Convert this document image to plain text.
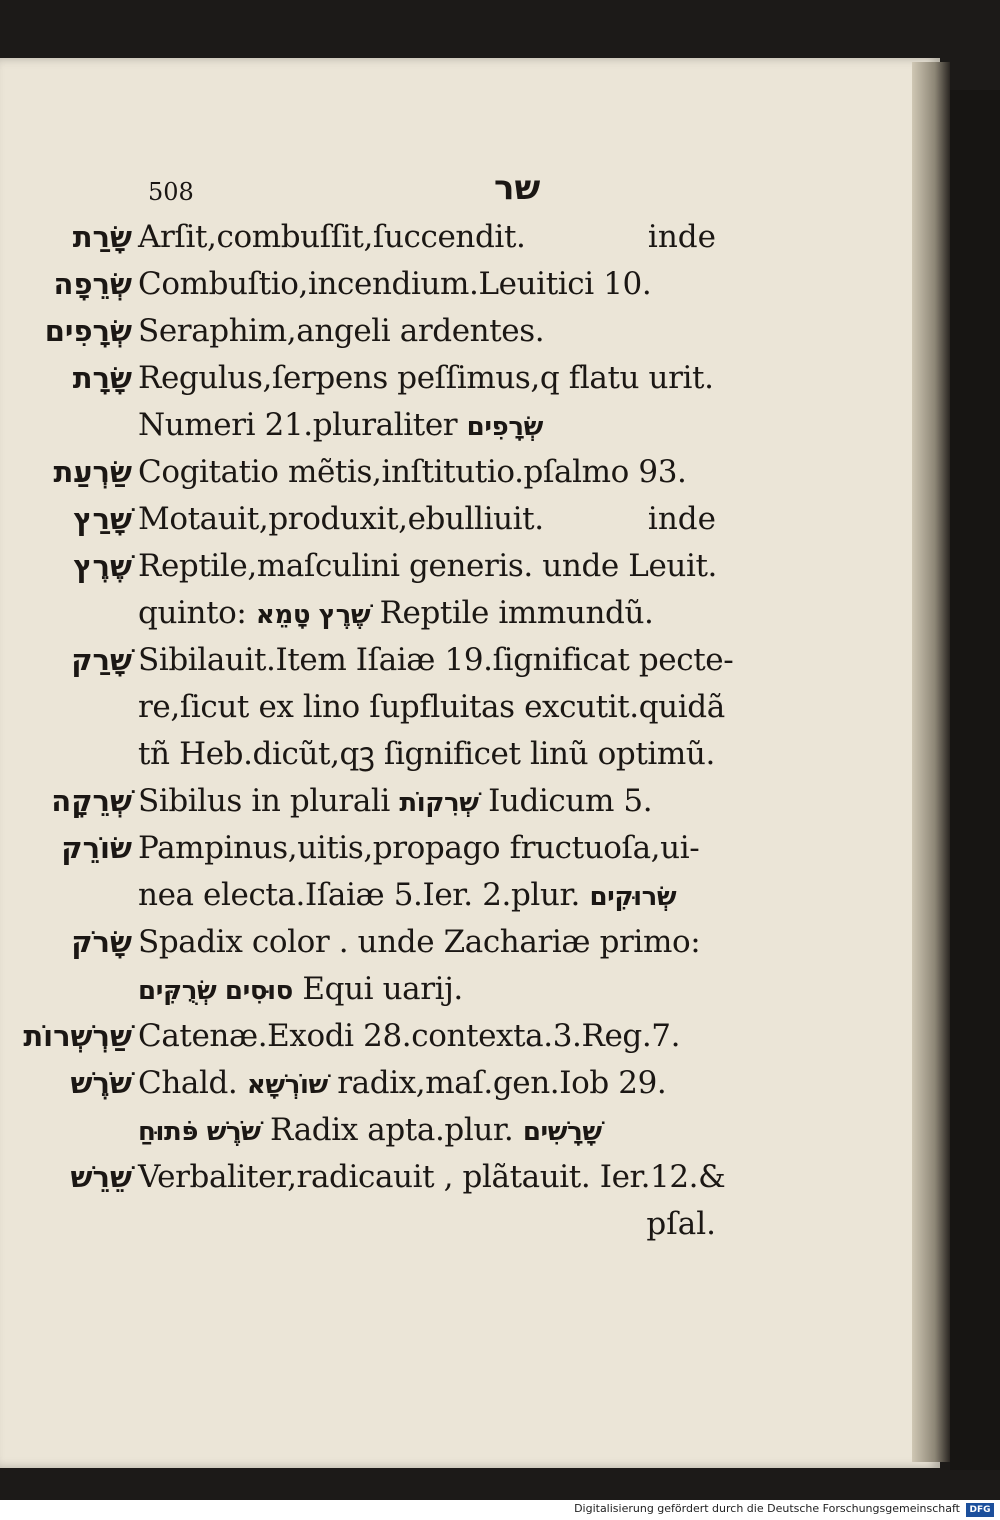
508	שר
שָׂרַת Arſit,combuſſit,ſuccendit.	inde
שְׂרֵפָה Combuſtio,incendium.Leuitici 10.
שְׂרָפִים Seraphim,angeli ardentes.
שָׂרָת Regulus,ſerpens peſſimus,q flatu urit.
Numeri 21.pluraliter שְׂרָפִים
שַׂרְעַת Cogitatio mẽtis,inſtitutio.pſalmo 93.
שָׁרַץ Motauit,produxit,ebulliuit.	inde
שֶׁרֶץ Reptile,maſculini generis. unde Leuit.
quinto: שֶׁרֶץ טָמֵא Reptile immundũ.
שָׁרַק Sibilauit.Item Iſaiæ 19.ſignificat pecte-
re,ſicut ex lino ſupfluitas excutit.quidã
tñ Heb.dicũt,qꝫ ſignificet linũ optimũ.
שְׁרֵקָה Sibilus in plurali שְׁרִקוֹת Iudicum 5.
שׂוֹרֵק Pampinus,uitis,propago fructuoſa,ui-
nea electa.Iſaiæ 5.Ier. 2.plur. שְׂרוּקִים
שָׂרֹק Spadix color . unde Zachariæ primo:
סוּסִים שְׂרֻקִּים Equi uarij.
שַׁרְשְׁרוֹת Catenæ.Exodi 28.contexta.3.Reg.7.
שֹׁרֶשׁ Chald. שׁוֹרְשָׁא radix,maſ.gen.Iob 29.
שֹׁרֶשׁ פֹּתוּחַ Radix apta.plur. שָׁרָשִׁים
שֵׁרֵשׁ Verbaliter,radicauit , plãtauit. Ier.12.&
pſal.
Digitalisierung gefördert durch die Deutsche Forschungsgemeinschaft	DFG
